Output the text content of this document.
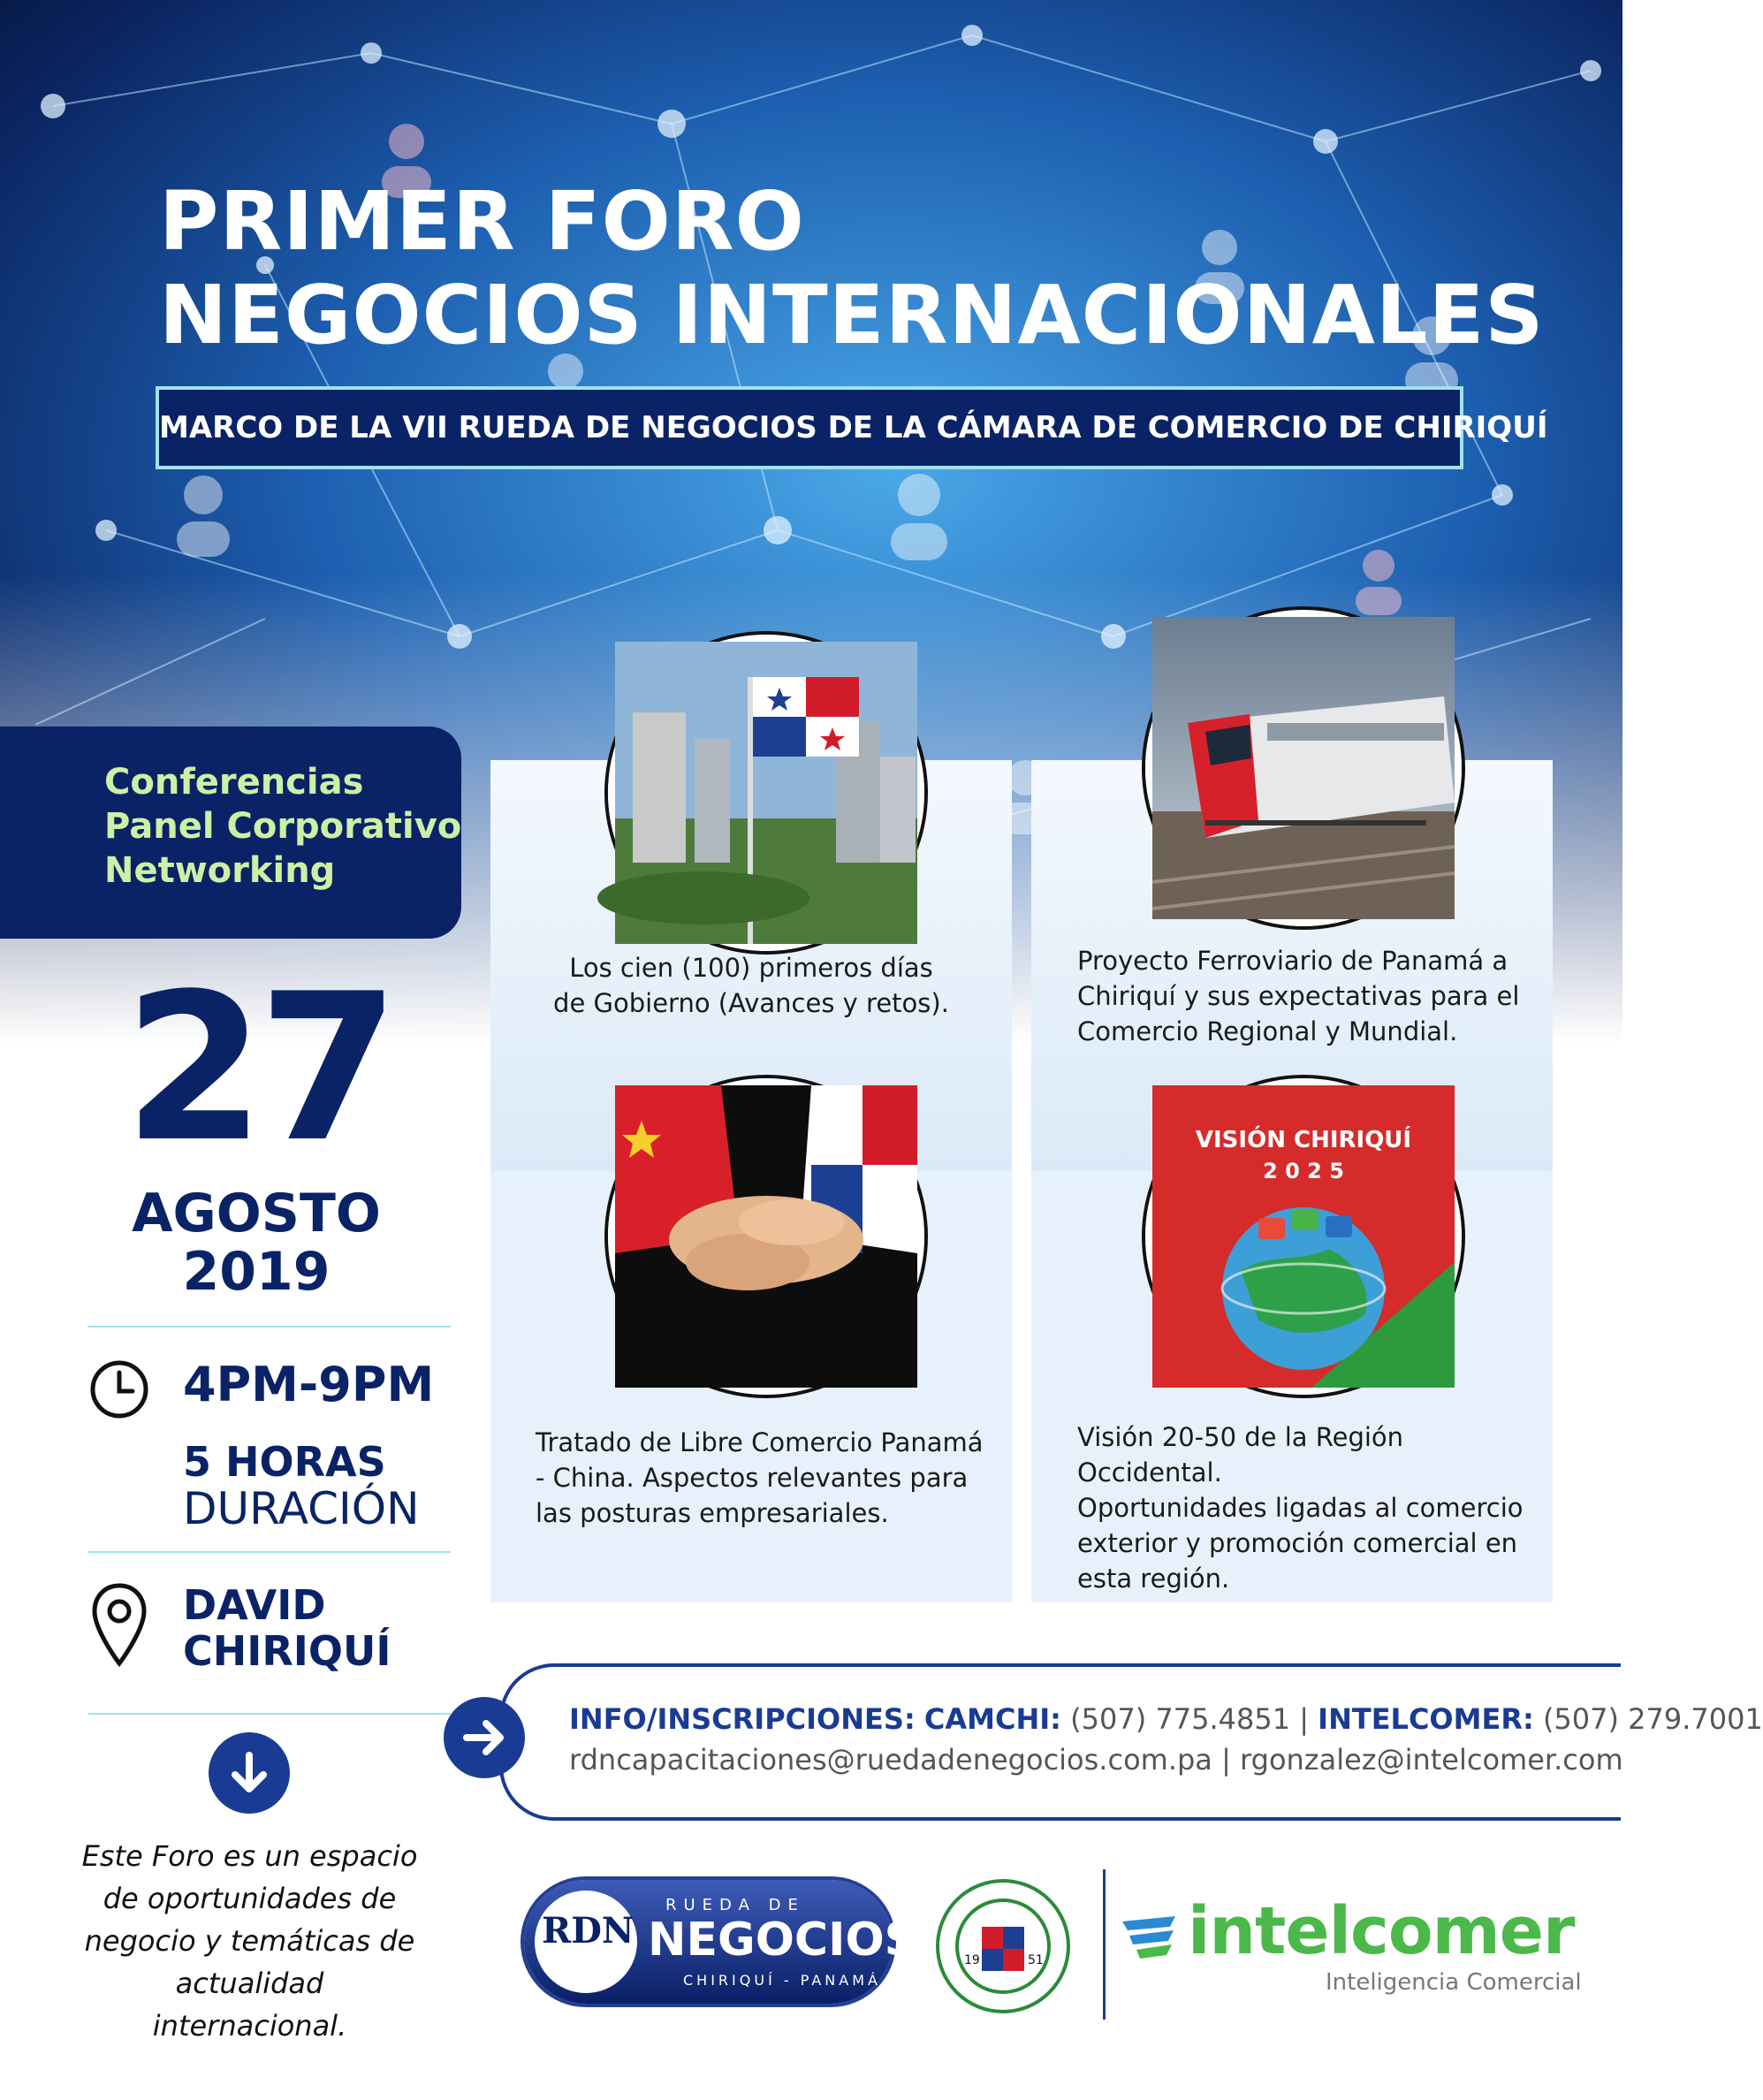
PRIMER FORO
NEGOCIOS INTERNACIONALES
MARCO DE LA VII RUEDA DE NEGOCIOS DE LA CÁMARA DE COMERCIO DE CHIRIQUÍ
VISIÓN CHIRIQUÍ
2 0 2 5
Los cien (100) primeros días
de Gobierno (Avances y retos).
Proyecto Ferroviario de Panamá a
Chiriquí y sus expectativas para el
Comercio Regional y Mundial.
Tratado de Libre Comercio Panamá
- China. Aspectos relevantes para
las posturas empresariales.
Visión 20-50 de la Región Occidental.
Oportunidades ligadas al comercio
exterior y promoción comercial en
esta región.
Conferencias
Panel Corporativo
Networking
27
AGOSTO
2019
4PM-9PM
5 HORAS
DURACIÓN
DAVID
CHIRIQUÍ
Este Foro es un espacio de oportunidades de negocio y temáticas de actualidad internacional.
INFO/INSCRIPCIONES: CAMCHI: (507) 775.4851 | INTELCOMER: (507) 279.7001
rdncapacitaciones@ruedadenegocios.com.pa | rgonzalez@intelcomer.com
RDN
RUEDA DE
NEGOCIOS
CHIRIQUÍ - PANAMÁ
19	51 intelcomer
Inteligencia Comercial
